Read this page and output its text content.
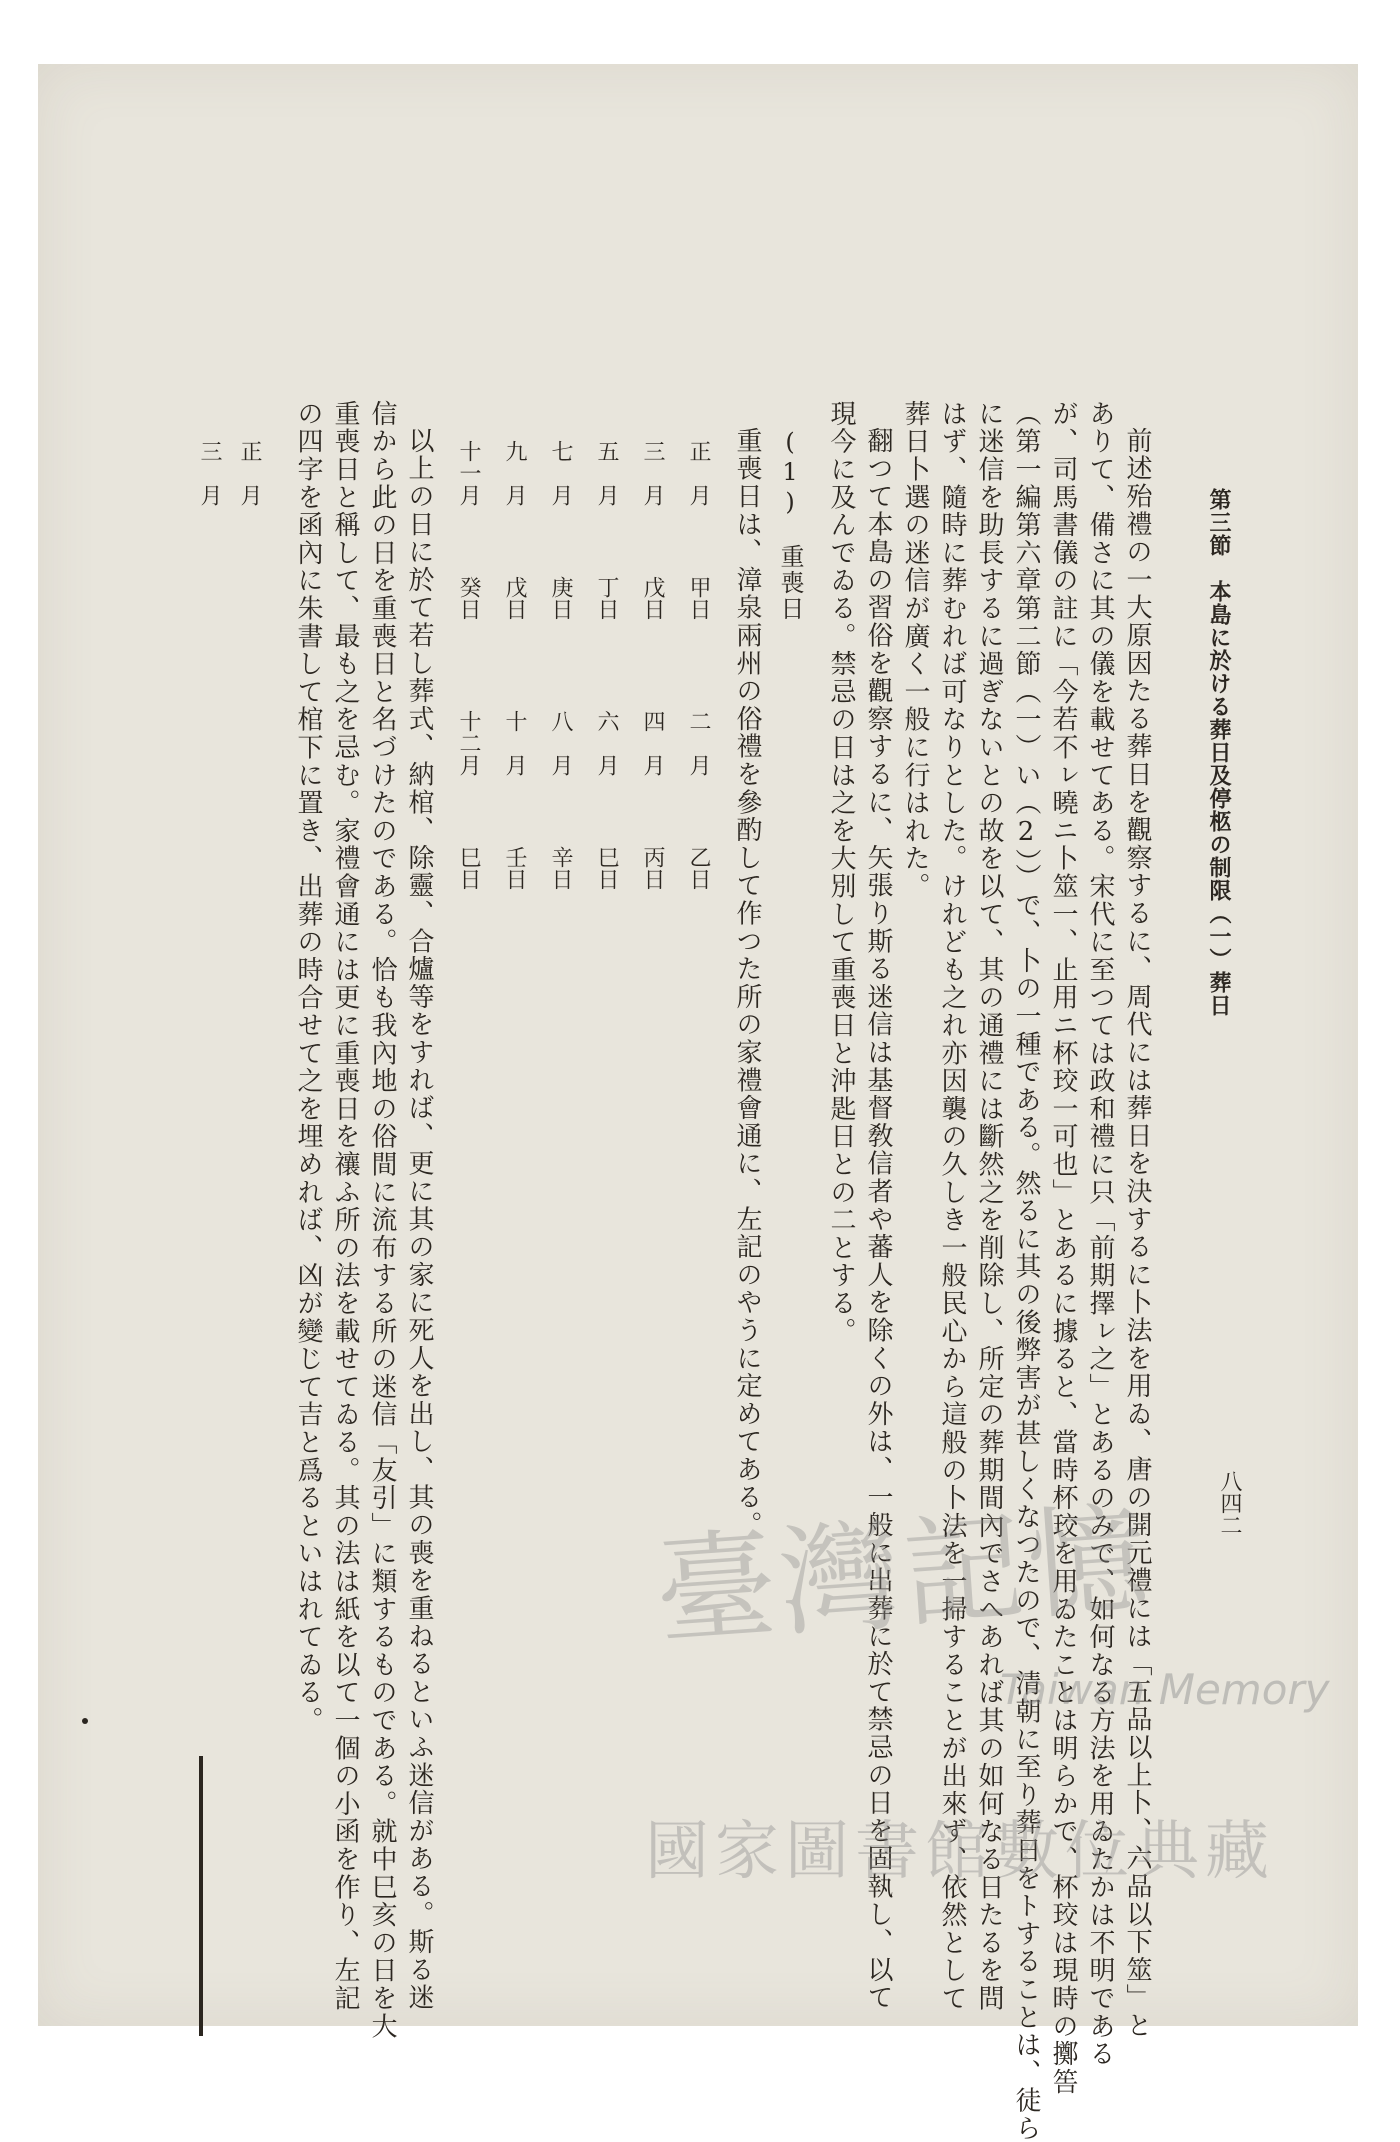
第三節　本島に於ける葬日及停柩の制限（一）葬日
八四二
前述殆禮の一大原因たる葬日を觀察するに、周代には葬日を決するに卜法を用ゐ、唐の開元禮には「五品以上卜、六品以下筮」と
ありて、備さに其の儀を載せてある。宋代に至つては政和禮に只「前期擇ㇾ之」とあるのみで、如何なる方法を用ゐたかは不明である
が、司馬書儀の註に「今若不ㇾ曉ニ卜筮一、止用ニ杯珓一可也」とあるに據ると、當時杯珓を用ゐたことは明らかで、杯珓は現時の擲筶
（第一編第六章第二節（一）い（2））で、卜の一種である。然るに其の後弊害が甚しくなつたので、清朝に至り葬日をトすることは、徒ら
に迷信を助長するに過ぎないとの故を以て、其の通禮には斷然之を削除し、所定の葬期間內でさへあれば其の如何なる日たるを問
はず、隨時に葬むれば可なりとした。けれども之れ亦因襲の久しき一般民心から這般の卜法を一掃することが出來ず、依然として
葬日卜選の迷信が廣く一般に行はれた。
翻つて本島の習俗を觀察するに、矢張り斯る迷信は基督敎信者や蕃人を除くの外は、一般に出葬に於て禁忌の日を固執し、以て
現今に及んでゐる。禁忌の日は之を大別して重喪日と沖匙日との二とする。
(1)　重喪日
重喪日は、漳泉兩州の俗禮を參酌して作つた所の家禮會通に、左記のやうに定めてある。
正　月甲日二　月乙日
三　月戊日四　月丙日
五　月丁日六　月巳日
七　月庚日八　月辛日
九　月戊日十　月壬日
十一月癸日十二月巳日
以上の日に於て若し葬式、納棺、除靈、合爐等をすれば、更に其の家に死人を出し、其の喪を重ねるといふ迷信がある。斯る迷
信から此の日を重喪日と名づけたのである。恰も我內地の俗間に流布する所の迷信「友引」に類するものである。就中巳亥の日を大
重喪日と稱して、最も之を忌む。家禮會通には更に重喪日を禳ふ所の法を載せてゐる。其の法は紙を以て一個の小函を作り、左記
の四字を函內に朱書して棺下に置き、出葬の時合せて之を埋めれば、凶が變じて吉と爲るといはれてゐる。
正　月
三　月
臺灣記憶
Taiwan Memory
國家圖書館數位典藏
